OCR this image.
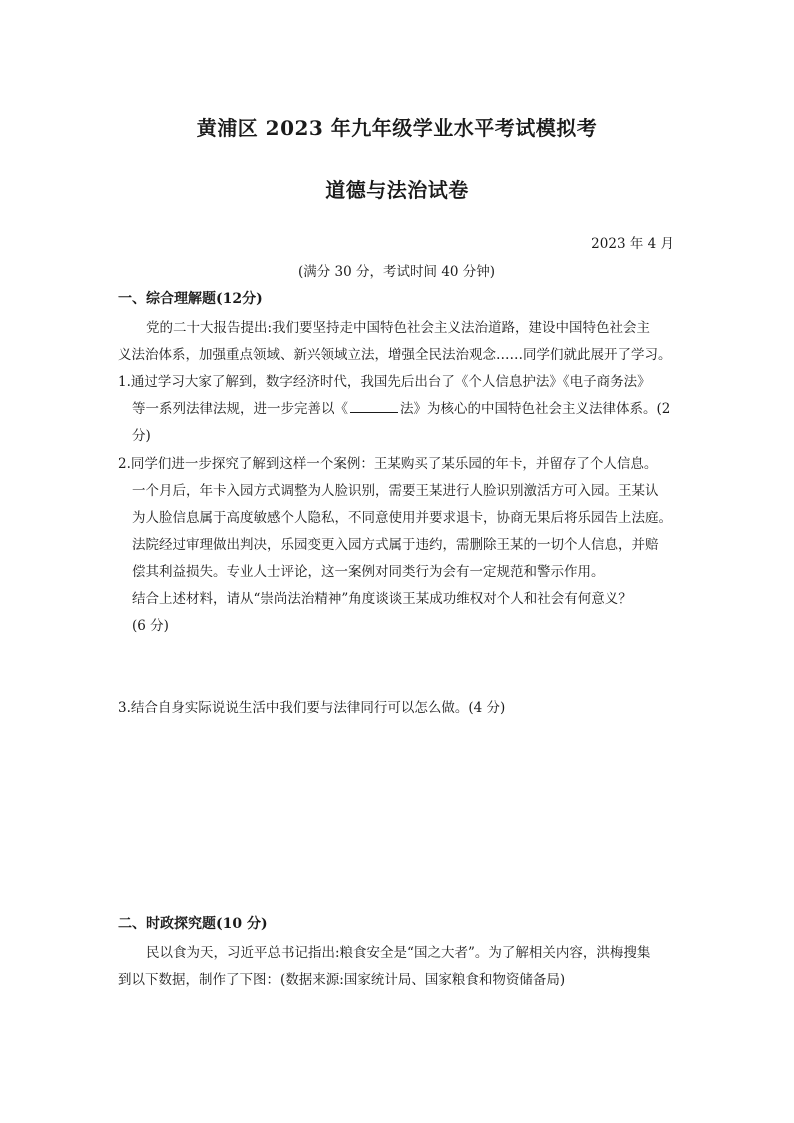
黄浦区 2023 年九年级学业水平考试模拟考
道德与法治试卷
2023 年 4 月
(满分 30 分，考试时间 40 分钟)
一、综合理解题(12分)
党的二十大报告提出:我们要坚持走中国特色社会主义法治道路，建设中国特色社会主
义法治体系，加强重点领域、新兴领域立法，增强全民法治观念……同学们就此展开了学习。
1.通过学习大家了解到，数字经济时代，我国先后出台了《个人信息护法》《电子商务法》
等一系列法律法规，进一步完善以《	法》为核心的中国特色社会主义法律体系。(2
分)
2.同学们进一步探究了解到这样一个案例：王某购买了某乐园的年卡，并留存了个人信息。
一个月后，年卡入园方式调整为人脸识别，需要王某进行人脸识别激活方可入园。王某认
为人脸信息属于高度敏感个人隐私，不同意使用并要求退卡，协商无果后将乐园告上法庭。
法院经过审理做出判决，乐园变更入园方式属于违约，需删除王某的一切个人信息，并赔
偿其利益损失。专业人士评论，这一案例对同类行为会有一定规范和警示作用。
结合上述材料，请从“崇尚法治精神”角度谈谈王某成功维权对个人和社会有何意义？
(6 分)
3.结合自身实际说说生活中我们要与法律同行可以怎么做。(4 分)
二、时政探究题(10 分)
民以食为天，习近平总书记指出:粮食安全是“国之大者”。为了解相关内容，洪梅搜集
到以下数据，制作了下图：(数据来源:国家统计局、国家粮食和物资储备局)
